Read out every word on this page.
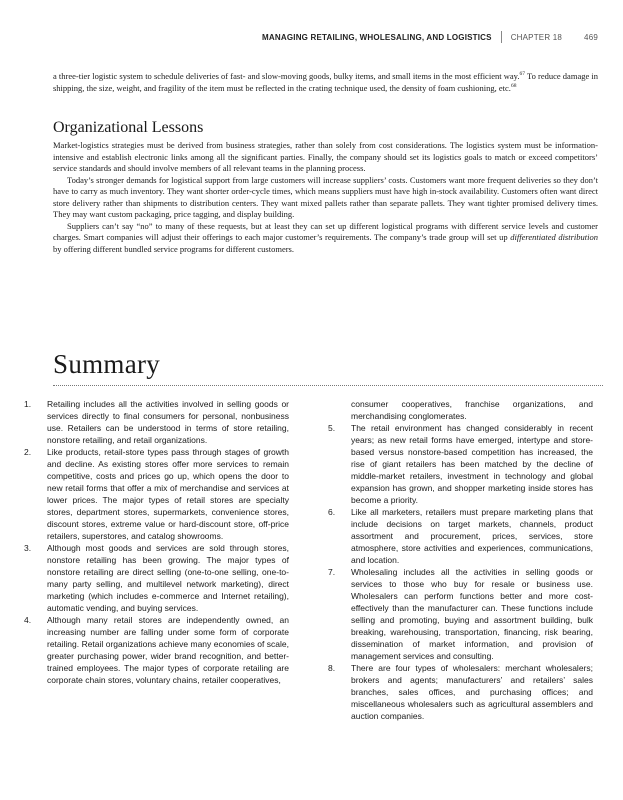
MANAGING RETAILING, WHOLESALING, AND LOGISTICS CHAPTER 18	469

a three-tier logistic system to schedule deliveries of fast- and slow-moving goods, bulky items, and small items in the most efficient way.$^{67}$ To reduce damage in shipping, the size, weight, and fragility of the item must be reflected in the crating technique used, the density of foam cushioning, etc.$^{68}$

Organizational Lessons

Market-logistics strategies must be derived from business strategies, rather than solely from cost considerations. The logistics system must be information-intensive and establish electronic links among all the significant parties. Finally, the company should set its logistics goals to match or exceed competitors’ service standards and should involve members of all relevant teams in the planning process.

Today’s stronger demands for logistical support from large customers will increase suppliers’ costs. Customers want more frequent deliveries so they don’t have to carry as much inventory. They want shorter order-cycle times, which means suppliers must have high in-stock availability. Customers often want direct store delivery rather than shipments to distribution centers. They want mixed pallets rather than separate pallets. They want tighter promised delivery times. They may want custom packaging, price tagging, and display building.

Suppliers can’t say “no” to many of these requests, but at least they can set up different logistical programs with different service levels and customer charges. Smart companies will adjust their offerings to each major customer’s requirements. The company’s trade group will set up differentiated distribution by offering different bundled service programs for different customers.

Summary
1.	Retailing includes all the activities involved in selling goods or services directly to final consumers for personal, nonbusiness use. Retailers can be understood in terms of store retailing, nonstore retailing, and retail organizations.
2.	Like products, retail-store types pass through stages of growth and decline. As existing stores offer more services to remain competitive, costs and prices go up, which opens the door to new retail forms that offer a mix of merchandise and services at lower prices. The major types of retail stores are specialty stores, department stores, supermarkets, convenience stores, discount stores, extreme value or hard-discount store, off-price retailers, superstores, and catalog showrooms.
3.	Although most goods and services are sold through stores, nonstore retailing has been growing. The major types of nonstore retailing are direct selling (one-to-one selling, one-to-many party selling, and multilevel network marketing), direct marketing (which includes e-commerce and Internet retailing), automatic vending, and buying services.
4.	Although many retail stores are independently owned, an increasing number are falling under some form of corporate retailing. Retail organizations achieve many economies of scale, greater purchasing power, wider brand recognition, and better-trained employees. The major types of corporate retailing are corporate chain stores, voluntary chains, retailer cooperatives,
consumer cooperatives, franchise organizations, and merchandising conglomerates.
5.	The retail environment has changed considerably in recent years; as new retail forms have emerged, intertype and store-based versus nonstore-based competition has increased, the rise of giant retailers has been matched by the decline of middle-market retailers, investment in technology and global expansion has grown, and shopper marketing inside stores has become a priority.
6.	Like all marketers, retailers must prepare marketing plans that include decisions on target markets, channels, product assortment and procurement, prices, services, store atmosphere, store activities and experiences, communications, and location.
7.	Wholesaling includes all the activities in selling goods or services to those who buy for resale or business use. Wholesalers can perform functions better and more cost-effectively than the manufacturer can. These functions include selling and promoting, buying and assortment building, bulk breaking, warehousing, transportation, financing, risk bearing, dissemination of market information, and provision of management services and consulting.
8.	There are four types of wholesalers: merchant wholesalers; brokers and agents; manufacturers’ and retailers’ sales branches, sales offices, and purchasing offices; and miscellaneous wholesalers such as agricultural assemblers and auction companies.
